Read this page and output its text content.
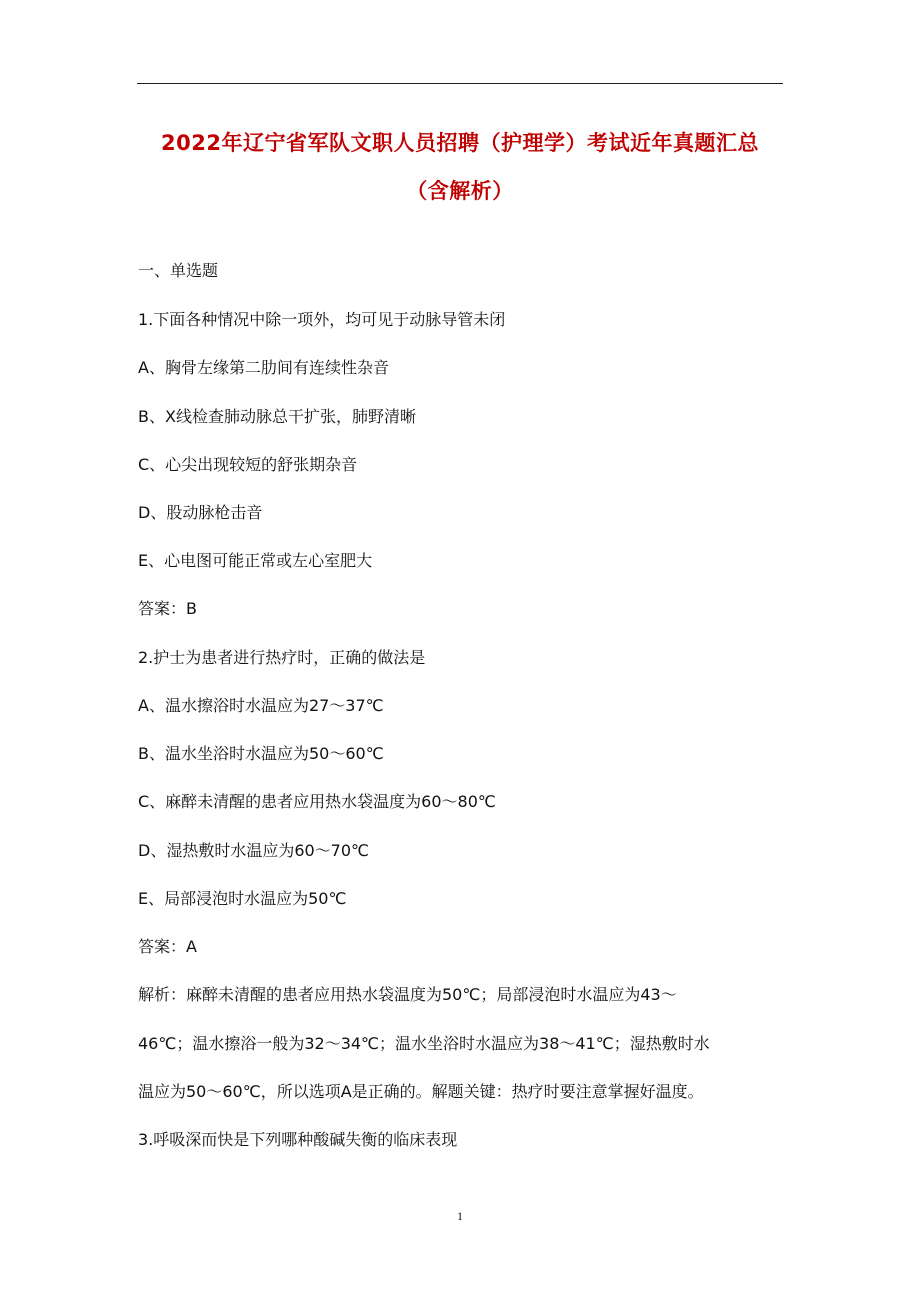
2022年辽宁省军队文职人员招聘（护理学）考试近年真题汇总
（含解析）
一、单选题
1.下面各种情况中除一项外，均可见于动脉导管未闭
A、胸骨左缘第二肋间有连续性杂音
B、X线检查肺动脉总干扩张，肺野清晰
C、心尖出现较短的舒张期杂音
D、股动脉枪击音
E、心电图可能正常或左心室肥大
答案：B
2.护士为患者进行热疗时，正确的做法是
A、温水擦浴时水温应为27～37℃
B、温水坐浴时水温应为50～60℃
C、麻醉未清醒的患者应用热水袋温度为60～80℃
D、湿热敷时水温应为60～70℃
E、局部浸泡时水温应为50℃
答案：A
解析：麻醉未清醒的患者应用热水袋温度为50℃；局部浸泡时水温应为43～
46℃；温水擦浴一般为32～34℃；温水坐浴时水温应为38～41℃；湿热敷时水
温应为50～60℃，所以选项A是正确的。解题关键：热疗时要注意掌握好温度。
3.呼吸深而快是下列哪种酸碱失衡的临床表现
1
